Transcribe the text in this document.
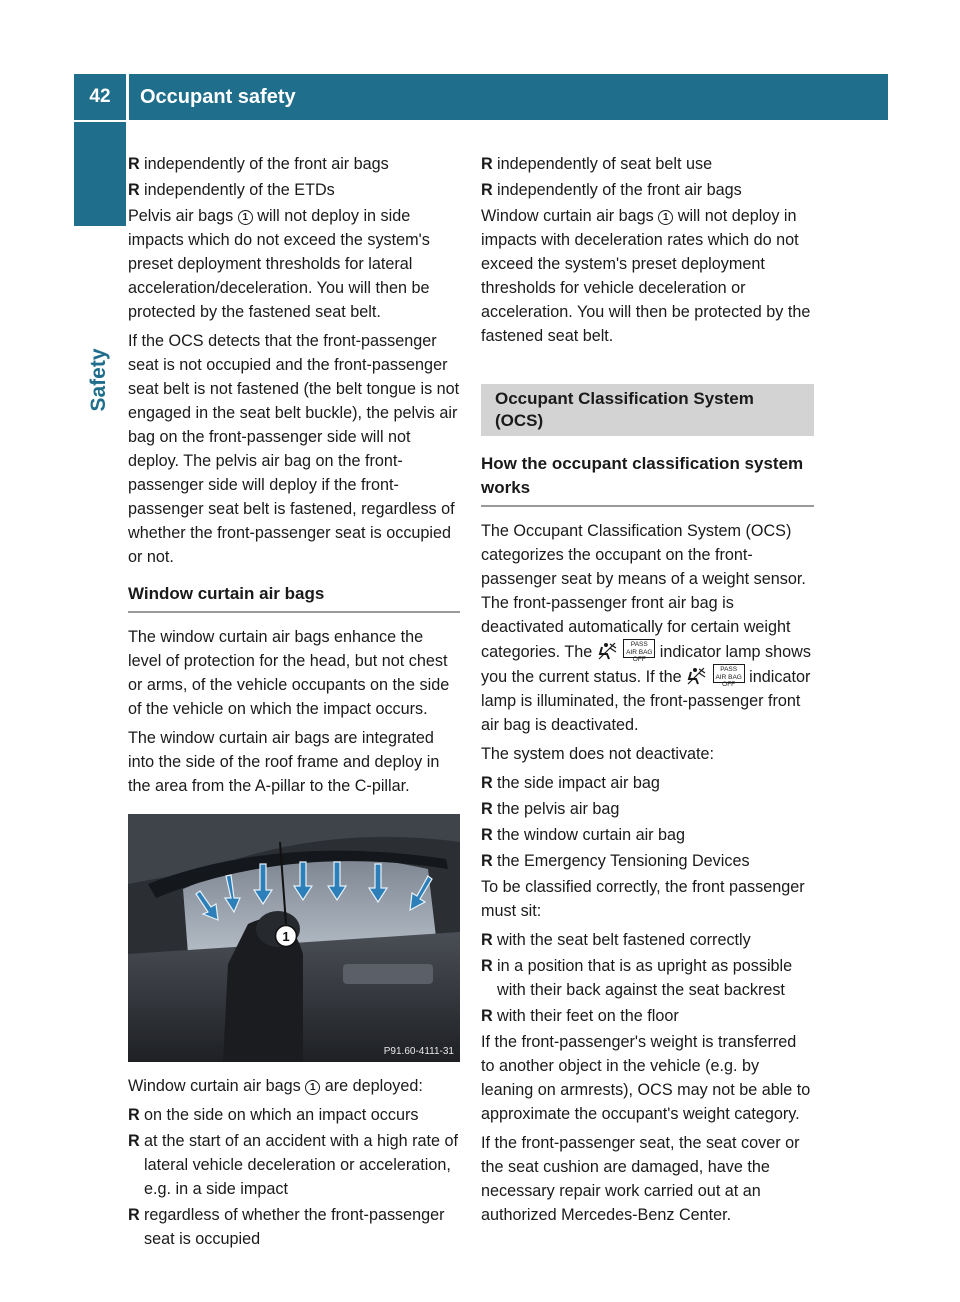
42	Occupant safety
Safety
R independently of the front air bags
R independently of the ETDs

Pelvis air bags 1 will not deploy in side impacts which do not exceed the system's preset deployment thresholds for lateral acceleration/deceleration. You will then be protected by the fastened seat belt.

If the OCS detects that the front-passenger seat is not occupied and the front-passenger seat belt is not fastened (the belt tongue is not engaged in the seat belt buckle), the pelvis air bag on the front-passenger side will not deploy. The pelvis air bag on the front-passenger side will deploy if the front-passenger seat belt is fastened, regardless of whether the front-passenger seat is occupied or not.

Window curtain air bags

The window curtain air bags enhance the level of protection for the head, but not chest or arms, of the vehicle occupants on the side of the vehicle on which the impact occurs.

The window curtain air bags are integrated into the side of the roof frame and deploy in the area from the A-pillar to the C-pillar.

1
P91.60-4111-31

Window curtain air bags 1 are deployed:

R on the side on which an impact occurs
R at the start of an accident with a high rate of lateral vehicle deceleration or acceleration, e.g. in a side impact
R regardless of whether the front-passenger seat is occupied
R independently of seat belt use
R independently of the front air bags

Window curtain air bags 1 will not deploy in impacts with deceleration rates which do not exceed the system's preset deployment thresholds for vehicle deceleration or acceleration. You will then be protected by the fastened seat belt.

Occupant Classification System (OCS)
How the occupant classification system works

The Occupant Classification System (OCS) categorizes the occupant on the front-passenger seat by means of a weight sensor. The front-passenger front air bag is deactivated automatically for certain weight categories. The	PASS
AIR BAG OFF indicator lamp shows you the current status. If the	PASS
AIR BAG OFF indicator lamp is illuminated, the front-passenger front air bag is deactivated.

The system does not deactivate:

R the side impact air bag
R the pelvis air bag
R the window curtain air bag
R the Emergency Tensioning Devices

To be classified correctly, the front passenger must sit:

R with the seat belt fastened correctly
R in a position that is as upright as possible with their back against the seat backrest
R with their feet on the floor

If the front-passenger's weight is transferred to another object in the vehicle (e.g. by leaning on armrests), OCS may not be able to approximate the occupant's weight category.

If the front-passenger seat, the seat cover or the seat cushion are damaged, have the necessary repair work carried out at an authorized Mercedes-Benz Center.
